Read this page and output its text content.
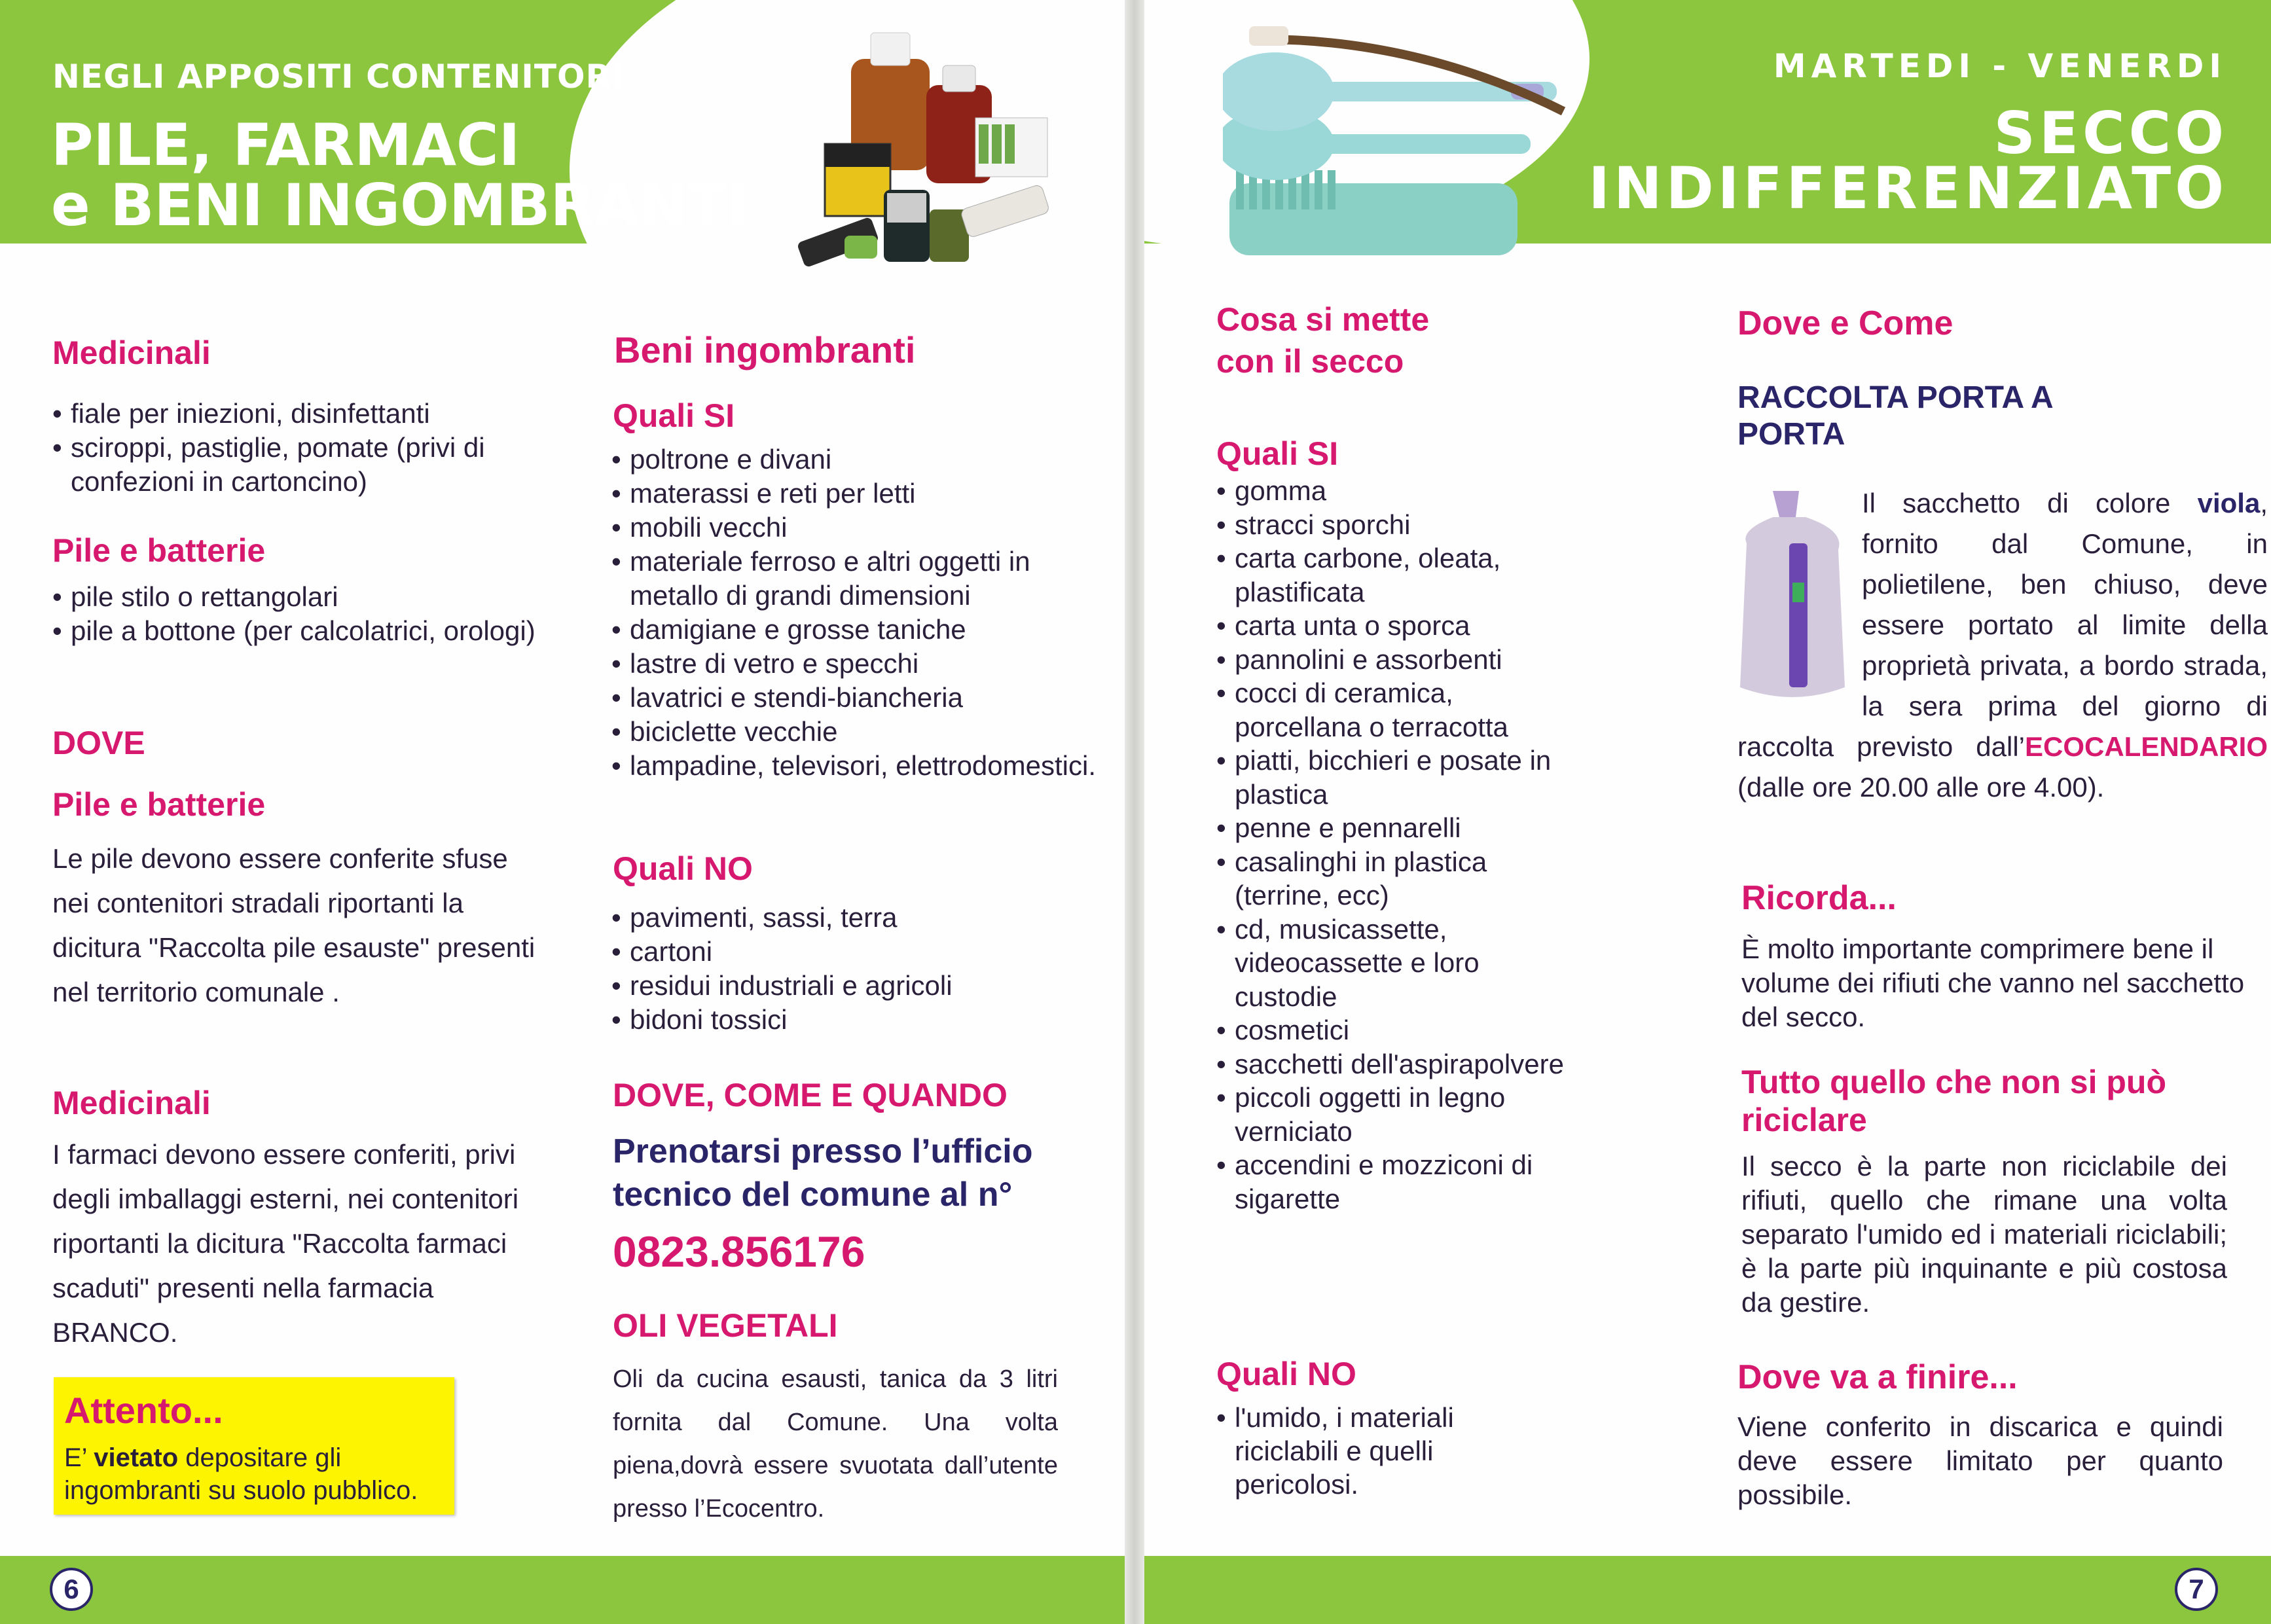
NEGLI APPOSITI CONTENITORI
PILE, FARMACI
e BENI INGOMBRANTI
Medicinali
• fiale per iniezioni, disinfettanti
• sciroppi, pastiglie, pomate (privi di confezioni in cartoncino)
Pile e batterie
• pile stilo o rettangolari
• pile a bottone (per calcolatrici, orologi)
DOVE
Pile e batterie
Le pile devono essere conferite sfuse nei contenitori stradali riportanti la dicitura "Raccolta pile esauste" presenti nel territorio comunale .
Medicinali
I farmaci devono essere conferiti, privi degli imballaggi esterni, nei contenitori riportanti la dicitura "Raccolta farmaci scaduti" presenti nella farmacia BRANCO.
Attento...
E’ vietato depositare gli ingombranti su suolo pubblico.
Beni ingombranti
Quali SI
• poltrone e divani
• materassi e reti per letti
• mobili vecchi
• materiale ferroso e altri oggetti in metallo di grandi dimensioni
• damigiane e grosse taniche
• lastre di vetro e specchi
• lavatrici e stendi-biancheria
• biciclette vecchie
• lampadine, televisori, elettrodomestici.
Quali NO
• pavimenti, sassi, terra
• cartoni
• residui industriali e agricoli
• bidoni tossici
DOVE, COME E QUANDO
Prenotarsi presso l’ufficio tecnico del comune al n°
0823.856176
OLI VEGETALI
Oli da cucina esausti, tanica da 3 litri fornita dal Comune. Una volta piena,dovrà essere svuotata dall’utente presso l’Ecocentro.
MARTEDI - VENERDI
SECCO
INDIFFERENZIATO
Cosa si mette con il secco
Quali SI
• gomma
• stracci sporchi
• carta carbone, oleata, plastificata
• carta unta o sporca
• pannolini e assorbenti
• cocci di ceramica, porcellana o terracotta
• piatti, bicchieri e posate in plastica
• penne e pennarelli
• casalinghi in plastica (terrine, ecc)
• cd, musicassette, videocassette e loro custodie
• cosmetici
• sacchetti dell'aspirapolvere
• piccoli oggetti in legno verniciato
• accendini e mozziconi di sigarette
Quali NO
• l'umido, i materiali riciclabili e quelli pericolosi.
Dove e Come
RACCOLTA PORTA A PORTA
Il sacchetto di colore viola, fornito dal Comune, in polietilene, ben chiuso, deve essere portato al limite della proprietà privata, a bordo strada, la sera prima del giorno di raccolta previsto dall’ECOCALENDARIO (dalle ore 20.00 alle ore 4.00).
Ricorda...
È molto importante comprimere bene il volume dei rifiuti che vanno nel sacchetto del secco.
Tutto quello che non si può riciclare
Il secco è la parte non riciclabile dei rifiuti, quello che rimane una volta separato l'umido ed i materiali riciclabili; è la parte più inquinante e più costosa da gestire.
Dove va a finire...
Viene conferito in discarica e quindi deve essere limitato per quanto possibile.
6	7
